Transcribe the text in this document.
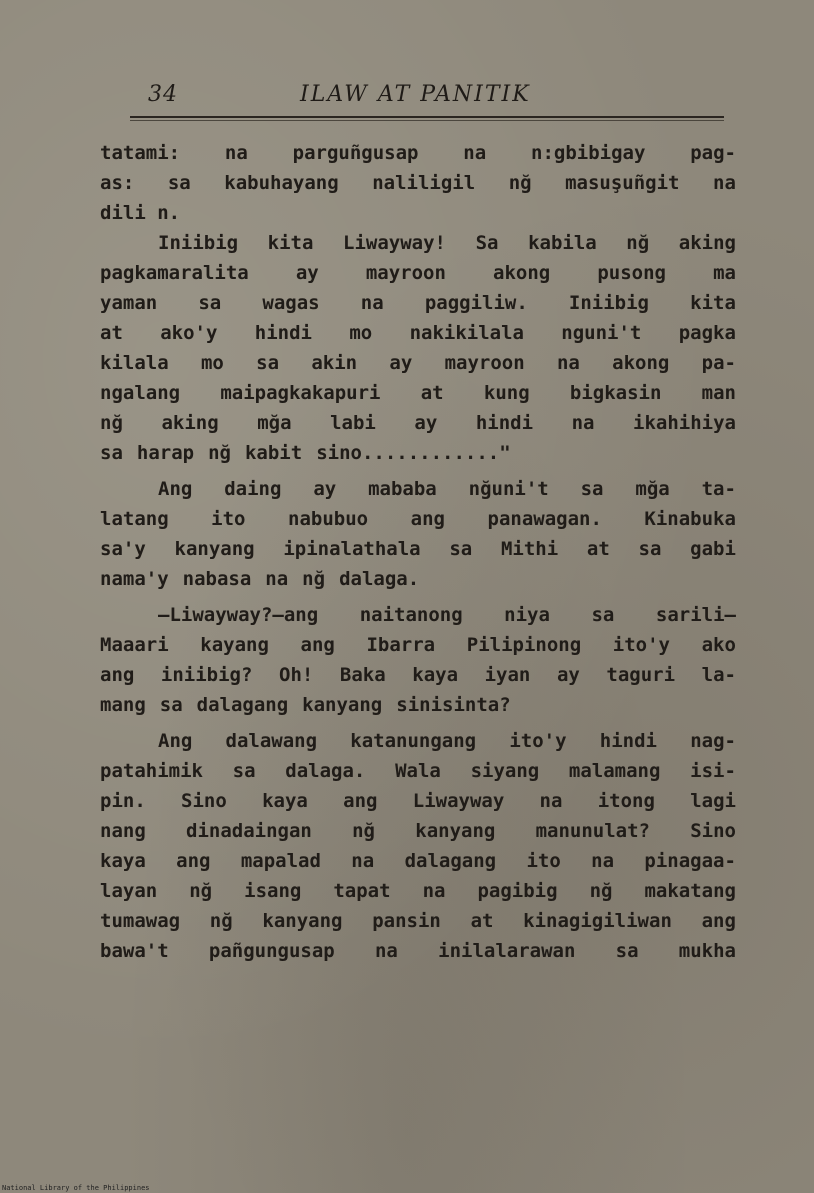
34	ILAW AT PANITIK
tatami: na parguñgusap na n:gbibigay pag-
as: sa kabuhayang naliligil nğ masuşuñgit na
dili n.
Iniibig kita Liwayway! Sa kabila nğ aking
pagkamaralita ay mayroon akong pusong ma
yaman sa wagas na paggiliw. Iniibig kita
at ako'y hindi mo nakikilala nguni't pagka
kilala mo sa akin ay mayroon na akong pa-
ngalang maipagkakapuri at kung bigkasin man
nğ aking mğa labi ay hindi na ikahihiya
sa harap nğ kabit sino............"
Ang daing ay mababa nğuni't sa mğa ta-
latang ito nabubuo ang panawagan. Kinabuka
sa'y kanyang ipinalathala sa Mithi at sa gabi
nama'y nabasa na nğ dalaga.
—Liwayway?—ang naitanong niya sa sarili—
Maaari kayang ang Ibarra Pilipinong ito'y ako
ang iniibig? Oh! Baka kaya iyan ay taguri la-
mang sa dalagang kanyang sinisinta?
Ang dalawang katanungang ito'y hindi nag-
patahimik sa dalaga. Wala siyang malamang isi-
pin. Sino kaya ang Liwayway na itong lagi
nang dinadaingan nğ kanyang manunulat? Sino
kaya ang mapalad na dalagang ito na pinagaa-
layan nğ isang tapat na pagibig nğ makatang
tumawag nğ kanyang pansin at kinagigiliwan ang
bawa't pañgungusap na inilalarawan sa mukha
National Library of the Philippines
